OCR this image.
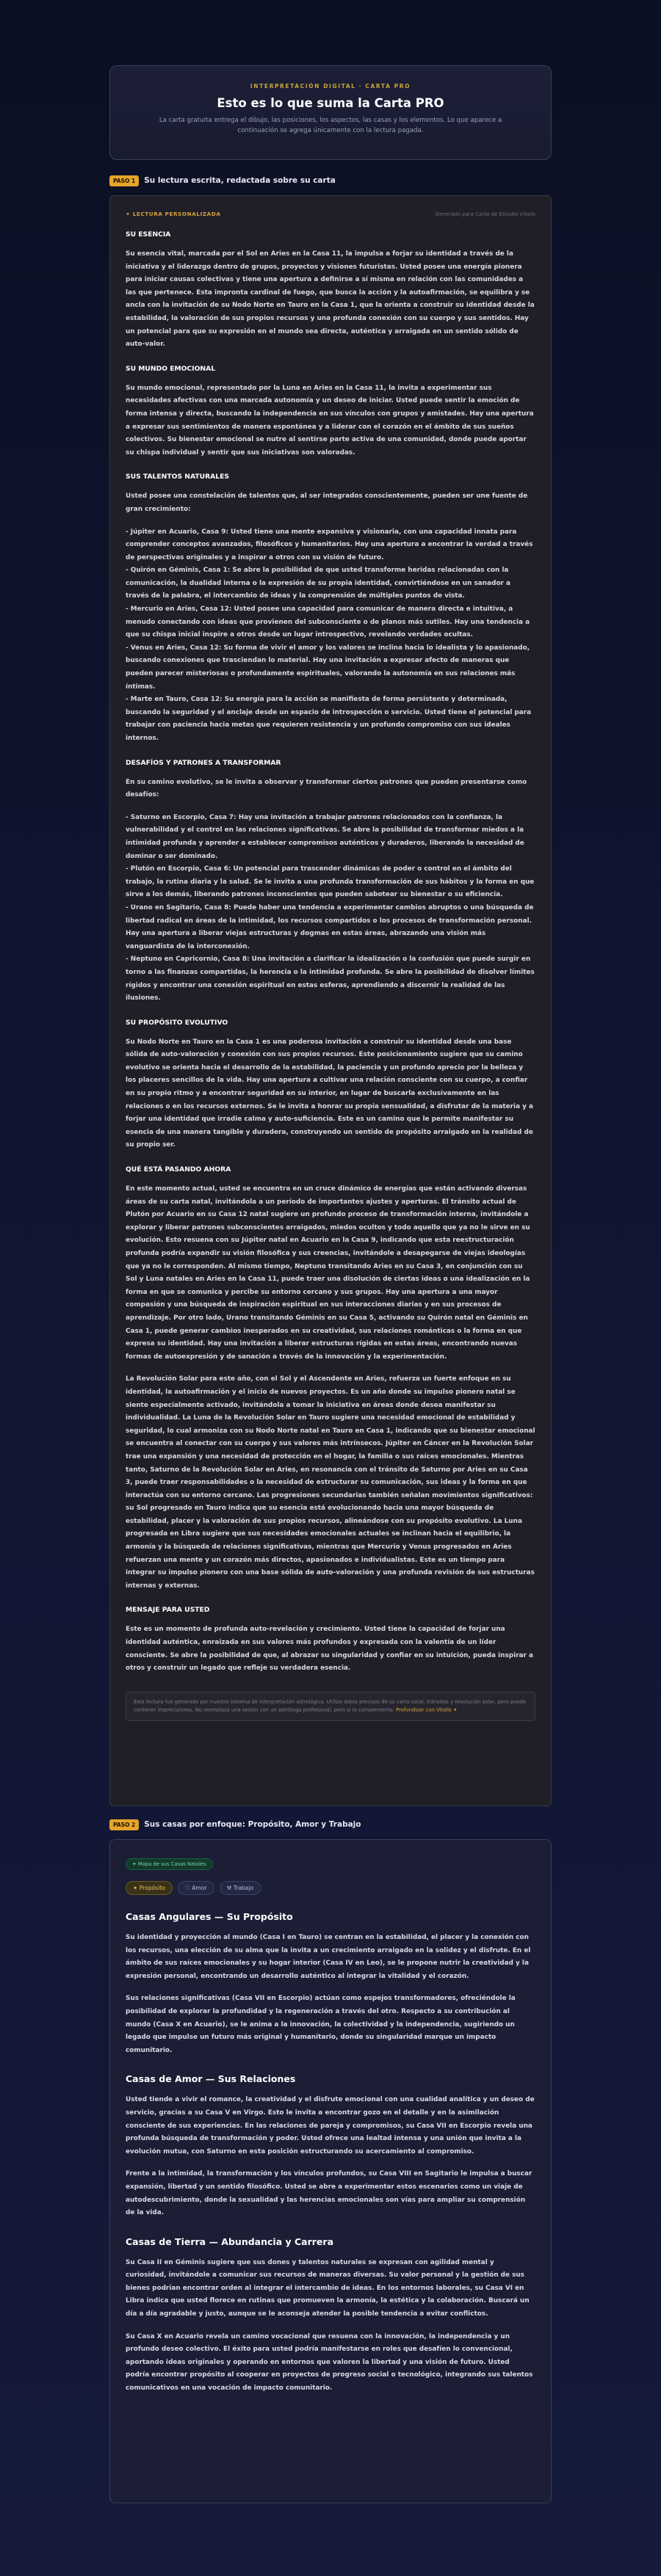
INTERPRETACIÓN DIGITAL · CARTA PRO
Esto es lo que suma la Carta PRO
La carta gratuita entrega el dibujo, las posiciones, los aspectos, las casas y los elementos. Lo que aparece a continuación se agrega únicamente con la lectura pagada.
PASO 1	Su lectura escrita, redactada sobre su carta
✦ LECTURA PERSONALIZADA	Generado para Carta de Estudio Vitalis
SU ESENCIA
Su esencia vital, marcada por el Sol en Aries en la Casa 11, la impulsa a forjar su identidad a través de la iniciativa y el liderazgo dentro de grupos, proyectos y visiones futuristas. Usted posee una energía pionera para iniciar causas colectivas y tiene una apertura a definirse a sí misma en relación con las comunidades a las que pertenece. Esta impronta cardinal de fuego, que busca la acción y la autoafirmación, se equilibra y se ancla con la invitación de su Nodo Norte en Tauro en la Casa 1, que la orienta a construir su identidad desde la estabilidad, la valoración de sus propios recursos y una profunda conexión con su cuerpo y sus sentidos. Hay un potencial para que su expresión en el mundo sea directa, auténtica y arraigada en un sentido sólido de auto-valor.
SU MUNDO EMOCIONAL
Su mundo emocional, representado por la Luna en Aries en la Casa 11, la invita a experimentar sus necesidades afectivas con una marcada autonomía y un deseo de iniciar. Usted puede sentir la emoción de forma intensa y directa, buscando la independencia en sus vínculos con grupos y amistades. Hay una apertura a expresar sus sentimientos de manera espontánea y a liderar con el corazón en el ámbito de sus sueños colectivos. Su bienestar emocional se nutre al sentirse parte activa de una comunidad, donde puede aportar su chispa individual y sentir que sus iniciativas son valoradas.
SUS TALENTOS NATURALES
Usted posee una constelación de talentos que, al ser integrados conscientemente, pueden ser une fuente de gran crecimiento:
- Júpiter en Acuario, Casa 9: Usted tiene una mente expansiva y visionaria, con una capacidad innata para comprender conceptos avanzados, filosóficos y humanitarios. Hay una apertura a encontrar la verdad a través de perspectivas originales y a inspirar a otros con su visión de futuro.
- Quirón en Géminis, Casa 1: Se abre la posibilidad de que usted transforme heridas relacionadas con la comunicación, la dualidad interna o la expresión de su propia identidad, convirtiéndose en un sanador a través de la palabra, el intercambio de ideas y la comprensión de múltiples puntos de vista.
- Mercurio en Aries, Casa 12: Usted posee una capacidad para comunicar de manera directa e intuitiva, a menudo conectando con ideas que provienen del subconsciente o de planos más sutiles. Hay una tendencia a que su chispa inicial inspire a otros desde un lugar introspectivo, revelando verdades ocultas.
- Venus en Aries, Casa 12: Su forma de vivir el amor y los valores se inclina hacia lo idealista y lo apasionado, buscando conexiones que trasciendan lo material. Hay una invitación a expresar afecto de maneras que pueden parecer misteriosas o profundamente espirituales, valorando la autonomía en sus relaciones más íntimas.
- Marte en Tauro, Casa 12: Su energía para la acción se manifiesta de forma persistente y determinada, buscando la seguridad y el anclaje desde un espacio de introspección o servicio. Usted tiene el potencial para trabajar con paciencia hacia metas que requieren resistencia y un profundo compromiso con sus ideales internos.
DESAFÍOS Y PATRONES A TRANSFORMAR
En su camino evolutivo, se le invita a observar y transformar ciertos patrones que pueden presentarse como desafíos:
- Saturno en Escorpio, Casa 7: Hay una invitación a trabajar patrones relacionados con la confianza, la vulnerabilidad y el control en las relaciones significativas. Se abre la posibilidad de transformar miedos a la intimidad profunda y aprender a establecer compromisos auténticos y duraderos, liberando la necesidad de dominar o ser dominado.
- Plutón en Escorpio, Casa 6: Un potencial para trascender dinámicas de poder o control en el ámbito del trabajo, la rutina diaria y la salud. Se le invita a una profunda transformación de sus hábitos y la forma en que sirve a los demás, liberando patrones inconscientes que pueden sabotear su bienestar o su eficiencia.
- Urano en Sagitario, Casa 8: Puede haber una tendencia a experimentar cambios abruptos o una búsqueda de libertad radical en áreas de la intimidad, los recursos compartidos o los procesos de transformación personal. Hay una apertura a liberar viejas estructuras y dogmas en estas áreas, abrazando una visión más vanguardista de la interconexión.
- Neptuno en Capricornio, Casa 8: Una invitación a clarificar la idealización o la confusión que puede surgir en torno a las finanzas compartidas, la herencia o la intimidad profunda. Se abre la posibilidad de disolver límites rígidos y encontrar una conexión espiritual en estas esferas, aprendiendo a discernir la realidad de las ilusiones.
SU PROPÓSITO EVOLUTIVO
Su Nodo Norte en Tauro en la Casa 1 es una poderosa invitación a construir su identidad desde una base sólida de auto-valoración y conexión con sus propios recursos. Este posicionamiento sugiere que su camino evolutivo se orienta hacia el desarrollo de la estabilidad, la paciencia y un profundo aprecio por la belleza y los placeres sencillos de la vida. Hay una apertura a cultivar una relación consciente con su cuerpo, a confiar en su propio ritmo y a encontrar seguridad en su interior, en lugar de buscarla exclusivamente en las relaciones o en los recursos externos. Se le invita a honrar su propia sensualidad, a disfrutar de la materia y a forjar una identidad que irradie calma y auto-suficiencia. Este es un camino que le permite manifestar su esencia de una manera tangible y duradera, construyendo un sentido de propósito arraigado en la realidad de su propio ser.
QUÉ ESTÁ PASANDO AHORA
En este momento actual, usted se encuentra en un cruce dinámico de energías que están activando diversas áreas de su carta natal, invitándola a un período de importantes ajustes y aperturas. El tránsito actual de Plutón por Acuario en su Casa 12 natal sugiere un profundo proceso de transformación interna, invitándole a explorar y liberar patrones subconscientes arraigados, miedos ocultos y todo aquello que ya no le sirve en su evolución. Esto resuena con su Júpiter natal en Acuario en la Casa 9, indicando que esta reestructuración profunda podría expandir su visión filosófica y sus creencias, invitándole a desapegarse de viejas ideologías que ya no le corresponden. Al mismo tiempo, Neptuno transitando Aries en su Casa 3, en conjunción con su Sol y Luna natales en Aries en la Casa 11, puede traer una disolución de ciertas ideas o una idealización en la forma en que se comunica y percibe su entorno cercano y sus grupos. Hay una apertura a una mayor compasión y una búsqueda de inspiración espiritual en sus interacciones diarias y en sus procesos de aprendizaje. Por otro lado, Urano transitando Géminis en su Casa 5, activando su Quirón natal en Géminis en Casa 1, puede generar cambios inesperados en su creatividad, sus relaciones románticas o la forma en que expresa su identidad. Hay una invitación a liberar estructuras rígidas en estas áreas, encontrando nuevas formas de autoexpresión y de sanación a través de la innovación y la experimentación.
La Revolución Solar para este año, con el Sol y el Ascendente en Aries, refuerza un fuerte enfoque en su identidad, la autoafirmación y el inicio de nuevos proyectos. Es un año donde su impulso pionero natal se siente especialmente activado, invitándola a tomar la iniciativa en áreas donde desea manifestar su individualidad. La Luna de la Revolución Solar en Tauro sugiere una necesidad emocional de estabilidad y seguridad, lo cual armoniza con su Nodo Norte natal en Tauro en Casa 1, indicando que su bienestar emocional se encuentra al conectar con su cuerpo y sus valores más intrínsecos. Júpiter en Cáncer en la Revolución Solar trae una expansión y una necesidad de protección en el hogar, la familia o sus raíces emocionales. Mientras tanto, Saturno de la Revolución Solar en Aries, en resonancia con el tránsito de Saturno por Aries en su Casa 3, puede traer responsabilidades o la necesidad de estructurar su comunicación, sus ideas y la forma en que interactúa con su entorno cercano. Las progresiones secundarias también señalan movimientos significativos: su Sol progresado en Tauro indica que su esencia está evolucionando hacia una mayor búsqueda de estabilidad, placer y la valoración de sus propios recursos, alineándose con su propósito evolutivo. La Luna progresada en Libra sugiere que sus necesidades emocionales actuales se inclinan hacia el equilibrio, la armonía y la búsqueda de relaciones significativas, mientras que Mercurio y Venus progresados en Aries refuerzan una mente y un corazón más directos, apasionados e individualistas. Este es un tiempo para integrar su impulso pionero con una base sólida de auto-valoración y una profunda revisión de sus estructuras internas y externas.
MENSAJE PARA USTED
Este es un momento de profunda auto-revelación y crecimiento. Usted tiene la capacidad de forjar una identidad auténtica, enraizada en sus valores más profundos y expresada con la valentía de un líder consciente. Se abre la posibilidad de que, al abrazar su singularidad y confiar en su intuición, pueda inspirar a otros y construir un legado que refleje su verdadera esencia.
Esta lectura fue generada por nuestro sistema de interpretación astrológica. Utiliza datos precisos de su carta natal, tránsitos y revolución solar, pero puede contener imprecisiones. No reemplaza una sesión con un astrólogo profesional, pero sí lo complementa. Profundizar con Vitalis ✦
PASO 2	Sus casas por enfoque: Propósito, Amor y Trabajo
✦ Mapa de sus Casas Natales
✦ Propósito	♡ Amor	⚒ Trabajo
Casas Angulares — Su Propósito
Su identidad y proyección al mundo (Casa I en Tauro) se centran en la estabilidad, el placer y la conexión con los recursos, una elección de su alma que la invita a un crecimiento arraigado en la solidez y el disfrute. En el ámbito de sus raíces emocionales y su hogar interior (Casa IV en Leo), se le propone nutrir la creatividad y la expresión personal, encontrando un desarrollo auténtico al integrar la vitalidad y el corazón.
Sus relaciones significativas (Casa VII en Escorpio) actúan como espejos transformadores, ofreciéndole la posibilidad de explorar la profundidad y la regeneración a través del otro. Respecto a su contribución al mundo (Casa X en Acuario), se le anima a la innovación, la colectividad y la independencia, sugiriendo un legado que impulse un futuro más original y humanitario, donde su singularidad marque un impacto comunitario.
Casas de Amor — Sus Relaciones
Usted tiende a vivir el romance, la creatividad y el disfrute emocional con una cualidad analítica y un deseo de servicio, gracias a su Casa V en Virgo. Esto le invita a encontrar gozo en el detalle y en la asimilación consciente de sus experiencias. En las relaciones de pareja y compromisos, su Casa VII en Escorpio revela una profunda búsqueda de transformación y poder. Usted ofrece una lealtad intensa y una unión que invita a la evolución mutua, con Saturno en esta posición estructurando su acercamiento al compromiso.
Frente a la intimidad, la transformación y los vínculos profundos, su Casa VIII en Sagitario le impulsa a buscar expansión, libertad y un sentido filosófico. Usted se abre a experimentar estos escenarios como un viaje de autodescubrimiento, donde la sexualidad y las herencias emocionales son vías para ampliar su comprensión de la vida.
Casas de Tierra — Abundancia y Carrera
Su Casa II en Géminis sugiere que sus dones y talentos naturales se expresan con agilidad mental y curiosidad, invitándole a comunicar sus recursos de maneras diversas. Su valor personal y la gestión de sus bienes podrían encontrar orden al integrar el intercambio de ideas. En los entornos laborales, su Casa VI en Libra indica que usted florece en rutinas que promueven la armonía, la estética y la colaboración. Buscará un día a día agradable y justo, aunque se le aconseja atender la posible tendencia a evitar conflictos.
Su Casa X en Acuario revela un camino vocacional que resuena con la innovación, la independencia y un profundo deseo colectivo. El éxito para usted podría manifestarse en roles que desafíen lo convencional, aportando ideas originales y operando en entornos que valoren la libertad y una visión de futuro. Usted podría encontrar propósito al cooperar en proyectos de progreso social o tecnológico, integrando sus talentos comunicativos en una vocación de impacto comunitario.
